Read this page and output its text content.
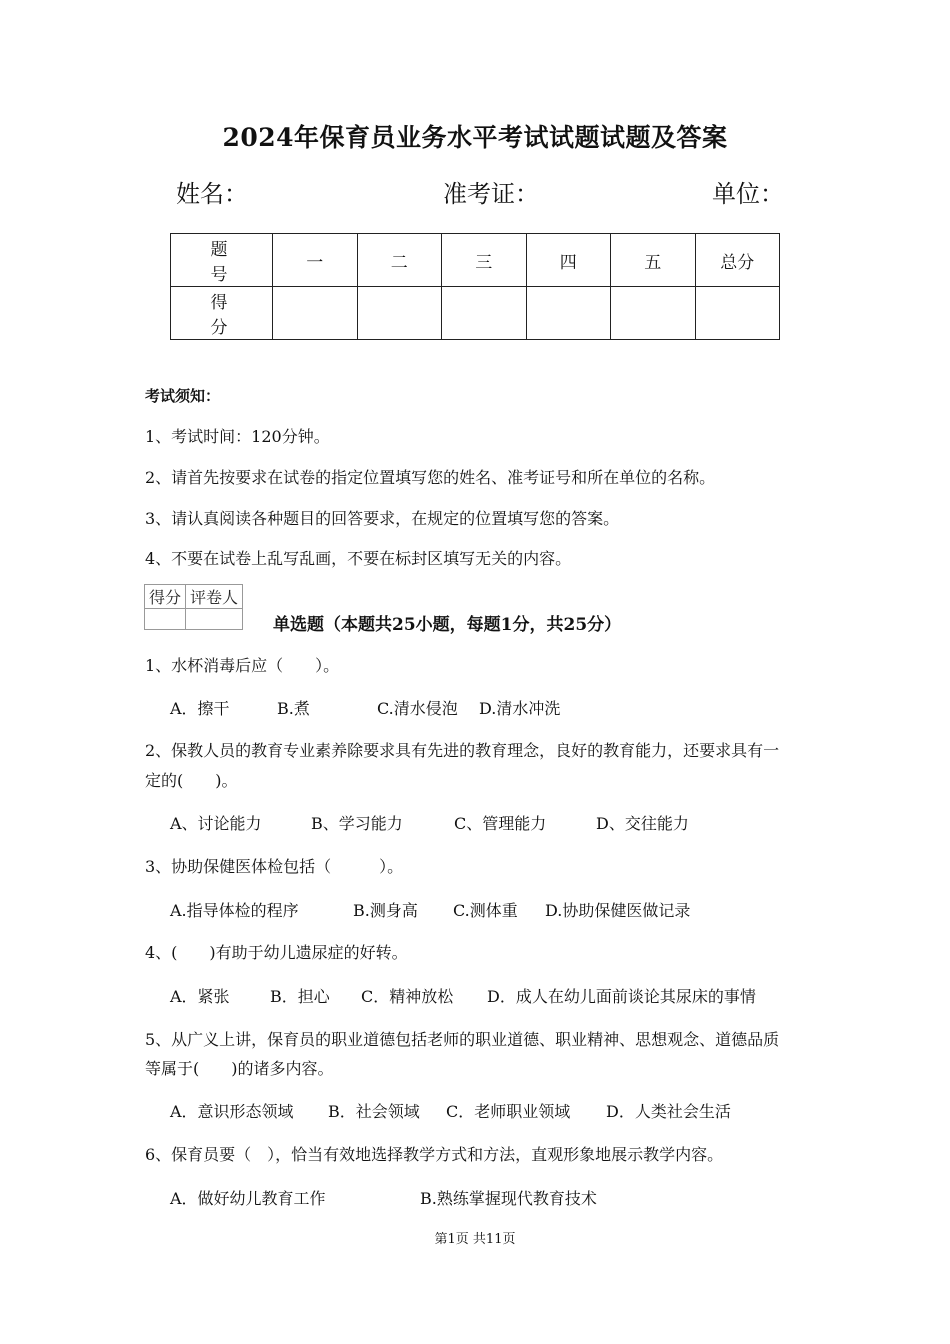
2024年保育员业务水平考试试题试题及答案
姓名：	准考证：	单位：
题　号	一	二	三	四	五	总分
得　分						
考试须知：
1、考试时间：120分钟。
2、请首先按要求在试卷的指定位置填写您的姓名、准考证号和所在单位的名称。
3、请认真阅读各种题目的回答要求，在规定的位置填写您的答案。
4、不要在试卷上乱写乱画，不要在标封区填写无关的内容。
得分	评卷人

单选题（本题共25小题，每题1分，共25分）
1、水杯消毒后应（　　）。
A．擦干	B.煮	C.清水侵泡 D.清水冲洗
2、保教人员的教育专业素养除要求具有先进的教育理念，良好的教育能力，还要求具有一
定的(　　)。
A、讨论能力	B、学习能力	C、管理能力	D、交往能力
3、协助保健医体检包括（　　　）。
A.指导体检的程序	B.测身高 C.测体重 D.协助保健医做记录
4、(　　)有助于幼儿遗尿症的好转。
A．紧张	B．担心 C．精神放松 D．成人在幼儿面前谈论其尿床的事情
5、从广义上讲，保育员的职业道德包括老师的职业道德、职业精神、思想观念、道德品质
等属于(　　)的诸多内容。
A．意识形态领域 B．社会领域 C．老师职业领域 D．人类社会生活
6、保育员要（　），恰当有效地选择教学方式和方法，直观形象地展示教学内容。
A．做好幼儿教育工作	B.熟练掌握现代教育技术
第1页 共11页
